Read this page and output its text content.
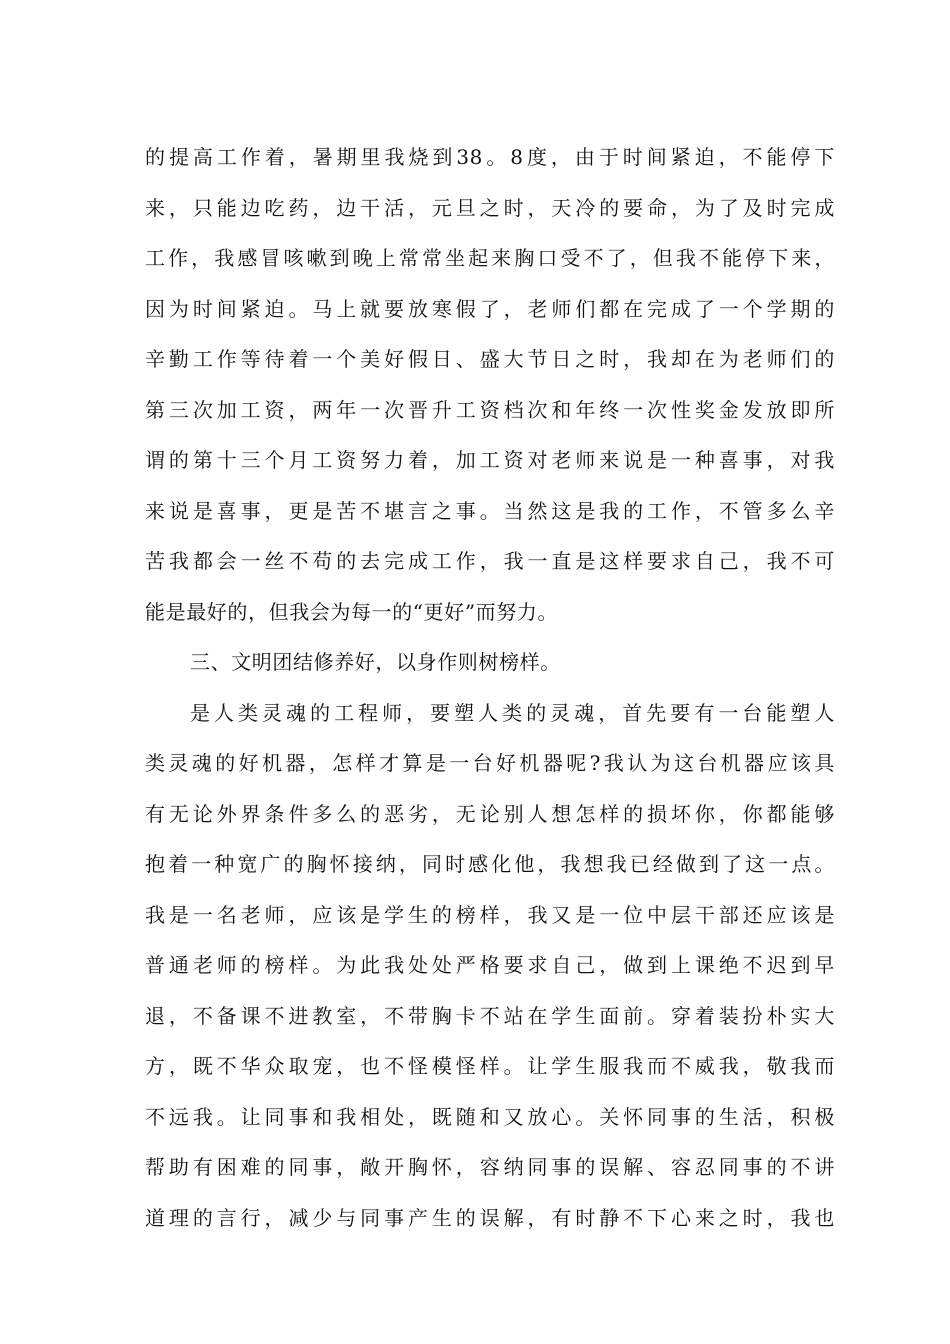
的提高工作着，暑期里我烧到38。8度，由于时间紧迫，不能停下
来，只能边吃药，边干活，元旦之时，天冷的要命，为了及时完成
工作，我感冒咳嗽到晚上常常坐起来胸口受不了，但我不能停下来，
因为时间紧迫。马上就要放寒假了，老师们都在完成了一个学期的
辛勤工作等待着一个美好假日、盛大节日之时，我却在为老师们的
第三次加工资，两年一次晋升工资档次和年终一次性奖金发放即所
谓的第十三个月工资努力着，加工资对老师来说是一种喜事，对我
来说是喜事，更是苦不堪言之事。当然这是我的工作，不管多么辛
苦我都会一丝不苟的去完成工作，我一直是这样要求自己，我不可
能是最好的，但我会为每一的“更好”而努力。
三、文明团结修养好，以身作则树榜样。
是人类灵魂的工程师，要塑人类的灵魂，首先要有一台能塑人
类灵魂的好机器，怎样才算是一台好机器呢?我认为这台机器应该具
有无论外界条件多么的恶劣，无论别人想怎样的损坏你，你都能够
抱着一种宽广的胸怀接纳，同时感化他，我想我已经做到了这一点。
我是一名老师，应该是学生的榜样，我又是一位中层干部还应该是
普通老师的榜样。为此我处处严格要求自己，做到上课绝不迟到早
退，不备课不进教室，不带胸卡不站在学生面前。穿着装扮朴实大
方，既不华众取宠，也不怪模怪样。让学生服我而不威我，敬我而
不远我。让同事和我相处，既随和又放心。关怀同事的生活，积极
帮助有困难的同事，敞开胸怀，容纳同事的误解、容忍同事的不讲
道理的言行，减少与同事产生的误解，有时静不下心来之时，我也
